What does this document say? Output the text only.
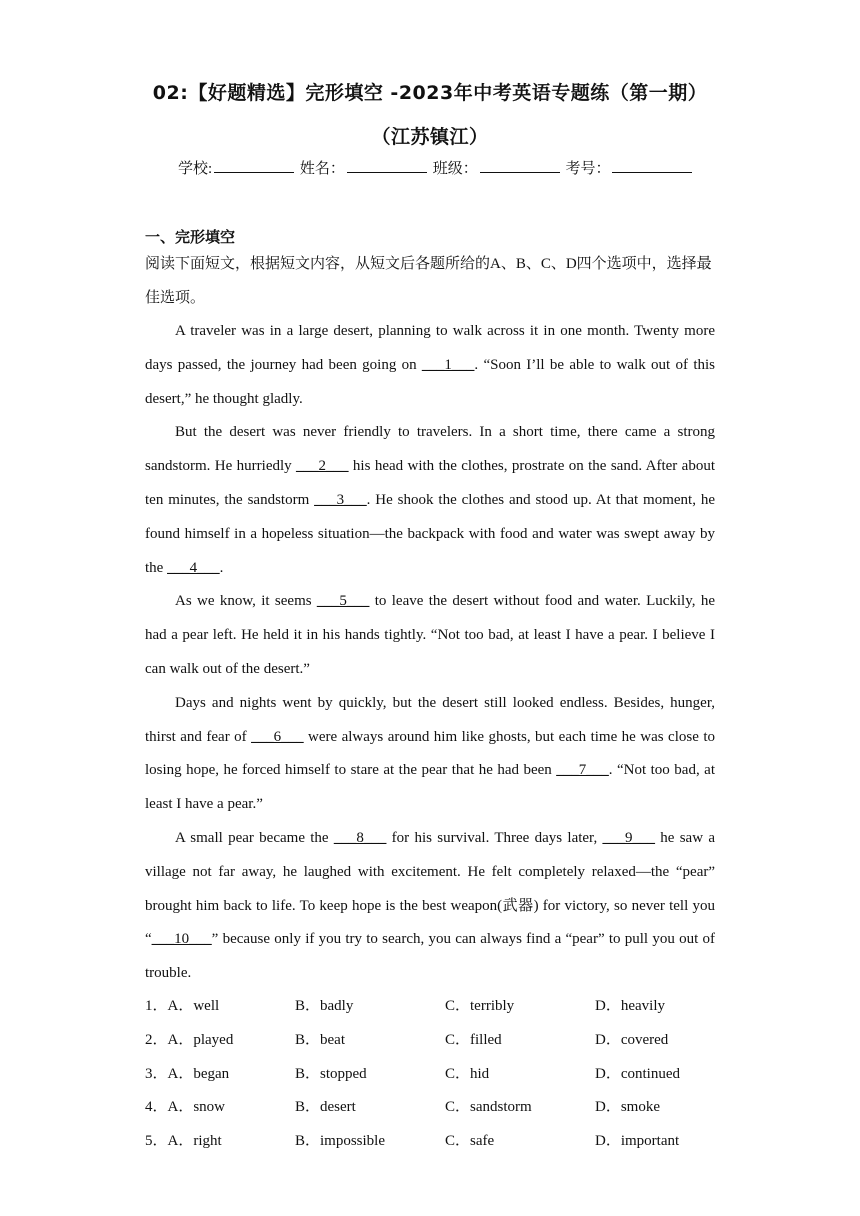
02:【好题精选】完形填空 -2023年中考英语专题练（第一期）
（江苏镇江）
学校:	姓名：	班级：	考号：
一、完形填空
阅读下面短文，根据短文内容，从短文后各题所给的A、B、C、D四个选项中，选择最佳选项。

A traveler was in a large desert, planning to walk across it in one month. Twenty more days passed, the journey had been going on ___1___. “Soon I’ll be able to walk out of this desert,” he thought gladly.

But the desert was never friendly to travelers. In a short time, there came a strong sandstorm. He hurriedly ___2___ his head with the clothes, prostrate on the sand. After about ten minutes, the sandstorm ___3___. He shook the clothes and stood up. At that moment, he found himself in a hopeless situation—the backpack with food and water was swept away by the ___4___.

As we know, it seems ___5___ to leave the desert without food and water. Luckily, he had a pear left. He held it in his hands tightly. “Not too bad, at least I have a pear. I believe I can walk out of the desert.”

Days and nights went by quickly, but the desert still looked endless. Besides, hunger, thirst and fear of ___6___ were always around him like ghosts, but each time he was close to losing hope, he forced himself to stare at the pear that he had been ___7___. “Not too bad, at least I have a pear.”

A small pear became the ___8___ for his survival. Three days later, ___9___ he saw a village not far away, he laughed with excitement. He felt completely relaxed—the “pear” brought him back to life. To keep hope is the best weapon(武器) for victory, so never tell you “___10___” because only if you try to search, you can always find a “pear” to pull you out of trouble.

1．A．well	B．badly	C．terribly	D．heavily
2．A．played	B．beat	C．filled	D．covered
3．A．began	B．stopped	C．hid	D．continued
4．A．snow	B．desert	C．sandstorm	D．smoke
5．A．right	B．impossible	C．safe	D．important
